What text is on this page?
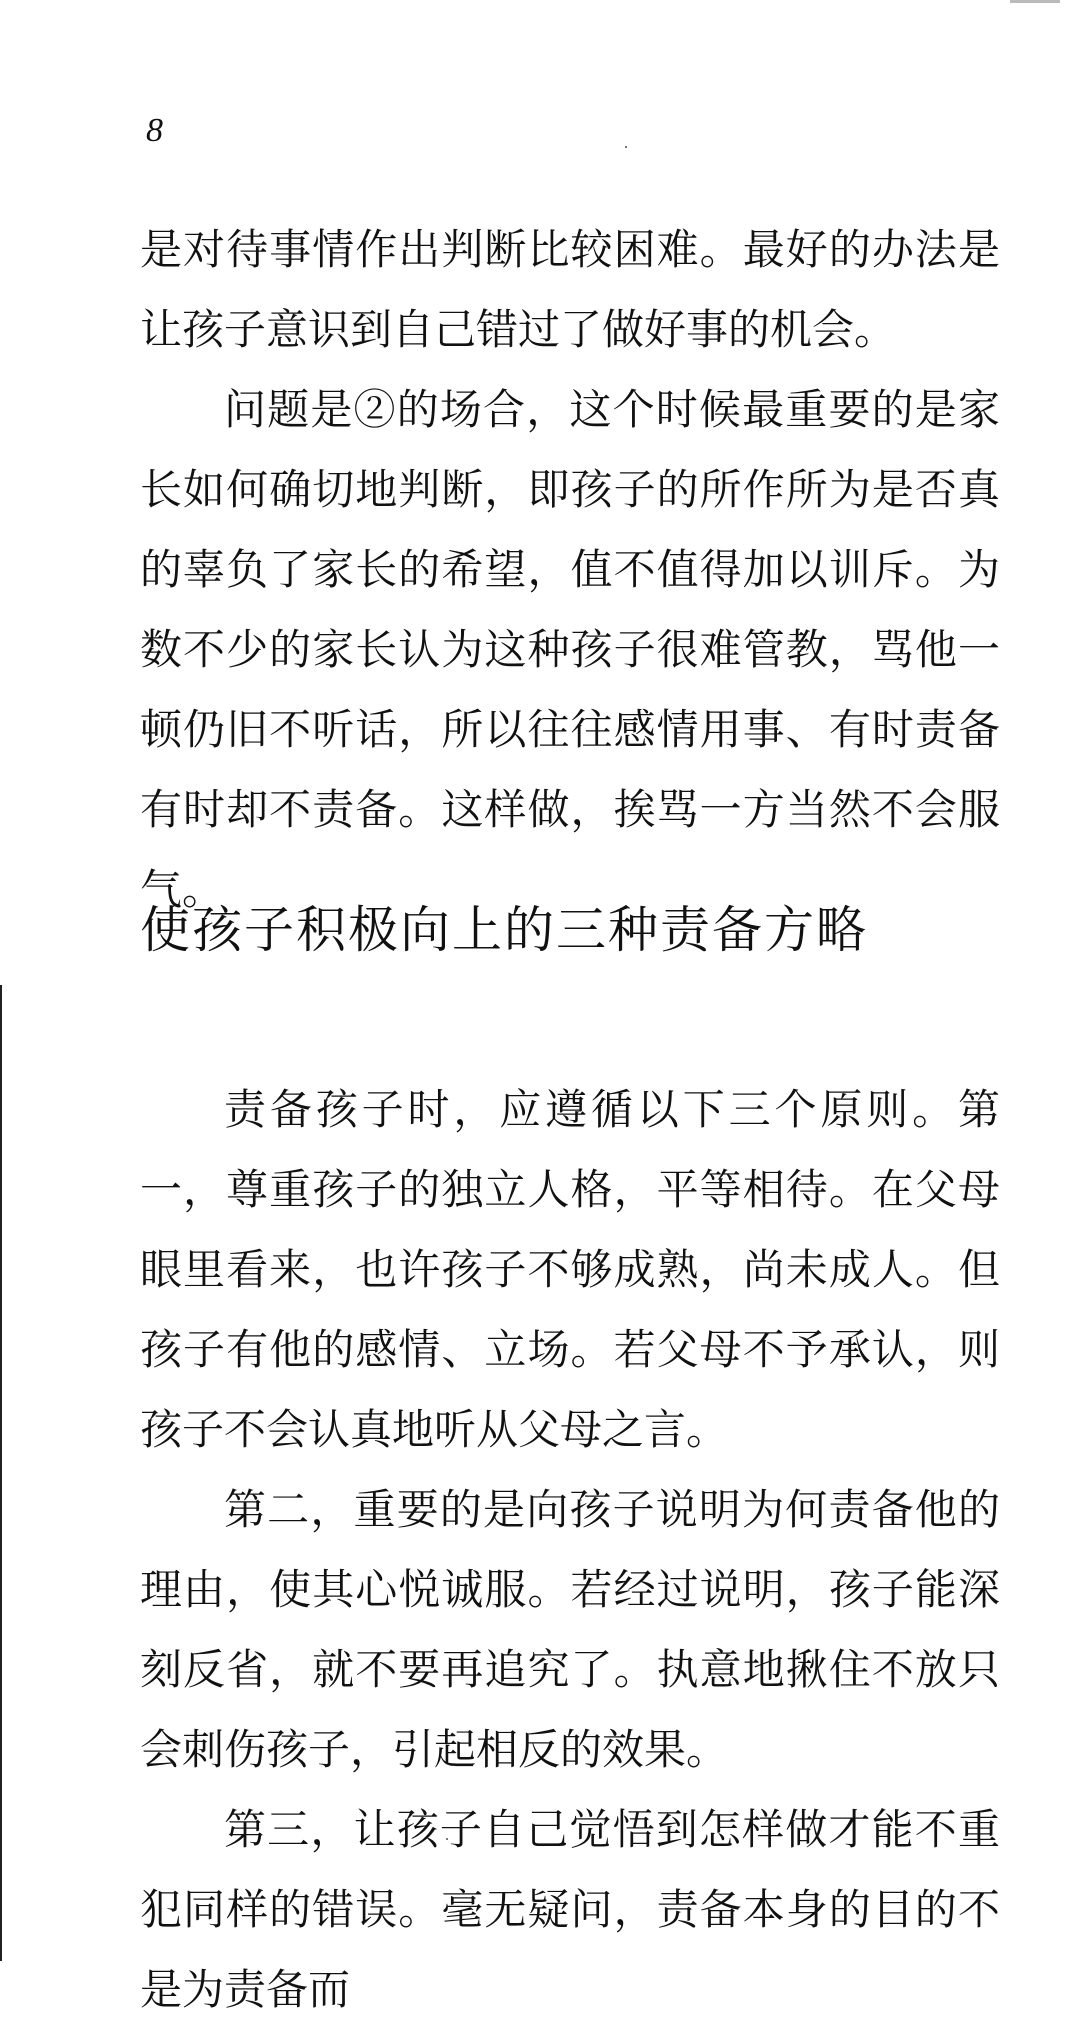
8

是对待事情作出判断比较困难。最好的办法是让孩子意识到自己错过了做好事的机会。

问题是②的场合，这个时候最重要的是家长如何确切地判断，即孩子的所作所为是否真的辜负了家长的希望，值不值得加以训斥。为数不少的家长认为这种孩子很难管教，骂他一顿仍旧不听话，所以往往感情用事、有时责备有时却不责备。这样做，挨骂一方当然不会服气。

使孩子积极向上的三种责备方略

责备孩子时，应遵循以下三个原则。第一，尊重孩子的独立人格，平等相待。在父母眼里看来，也许孩子不够成熟，尚未成人。但孩子有他的感情、立场。若父母不予承认，则孩子不会认真地听从父母之言。

第二，重要的是向孩子说明为何责备他的理由，使其心悦诚服。若经过说明，孩子能深刻反省，就不要再追究了。执意地揪住不放只会刺伤孩子，引起相反的效果。

第三，让孩子自己觉悟到怎样做才能不重犯同样的错误。毫无疑问，责备本身的目的不是为责备而
